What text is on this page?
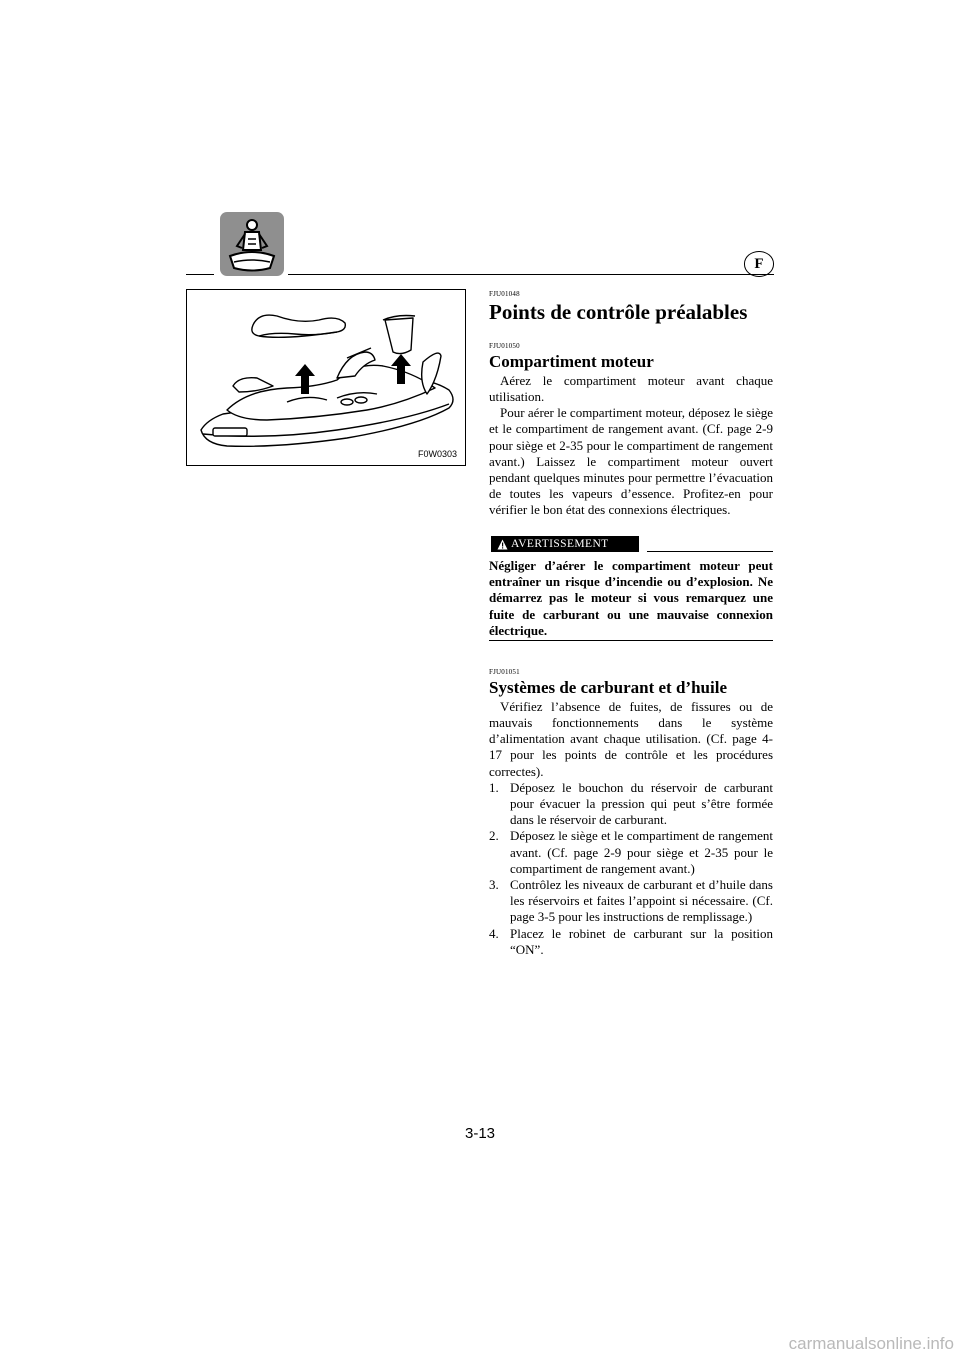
F
F0W0303

FJU01048

Points de contrôle préalables

FJU01050

Compartiment moteur

Aérez le compartiment moteur avant chaque utilisation.

Pour aérer le compartiment moteur, déposez le siège et le compartiment de rangement avant. (Cf. page 2-9 pour siège et 2-35 pour le compartiment de rangement avant.) Laissez le compartiment moteur ouvert pendant quelques minutes pour permettre l’évacuation de toutes les vapeurs d’essence. Profitez-en pour vérifier le bon état des connexions électriques.

AVERTISSEMENT
Négliger d’aérer le compartiment moteur peut entraîner un risque d’incendie ou d’explosion. Ne démarrez pas le moteur si vous remarquez une fuite de carburant ou une mauvaise connexion électrique.

FJU01051

Systèmes de carburant et d’huile

Vérifiez l’absence de fuites, de fissures ou de mauvais fonctionnements dans le système d’alimentation avant chaque utilisation. (Cf. page 4-17 pour les points de contrôle et les procédures correctes).

1. Déposez le bouchon du réservoir de carburant pour évacuer la pression qui peut s’être formée dans le réservoir de carburant.
2. Déposez le siège et le compartiment de rangement avant. (Cf. page 2-9 pour siège et 2-35 pour le compartiment de rangement avant.)
3. Contrôlez les niveaux de carburant et d’huile dans les réservoirs et faites l’appoint si nécessaire. (Cf. page 3-5 pour les instructions de remplissage.)
4. Placez le robinet de carburant sur la position “ON”.
3-13
carmanualsonline.info
